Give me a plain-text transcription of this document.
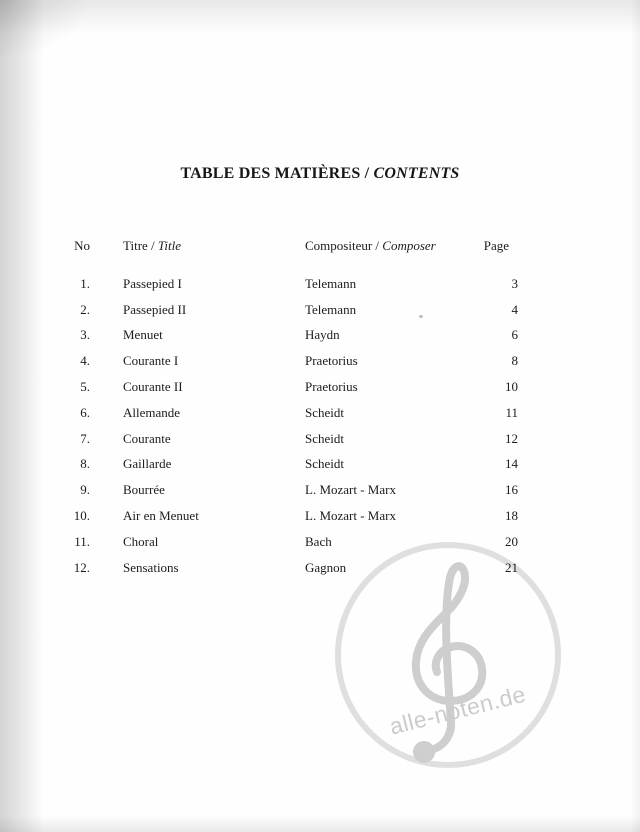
alle-noten.de
TABLE DES MATIÈRES / CONTENTS
No	Titre / Title	Compositeur / Composer	Page
1.	Passepied I	Telemann	3
2.	Passepied II	Telemann	4
3.	Menuet	Haydn	6
4.	Courante I	Praetorius	8
5.	Courante II	Praetorius	10
6.	Allemande	Scheidt	11
7.	Courante	Scheidt	12
8.	Gaillarde	Scheidt	14
9.	Bourrée	L. Mozart - Marx	16
10.	Air en Menuet	L. Mozart - Marx	18
11.	Choral	Bach	20
12.	Sensations	Gagnon	21
